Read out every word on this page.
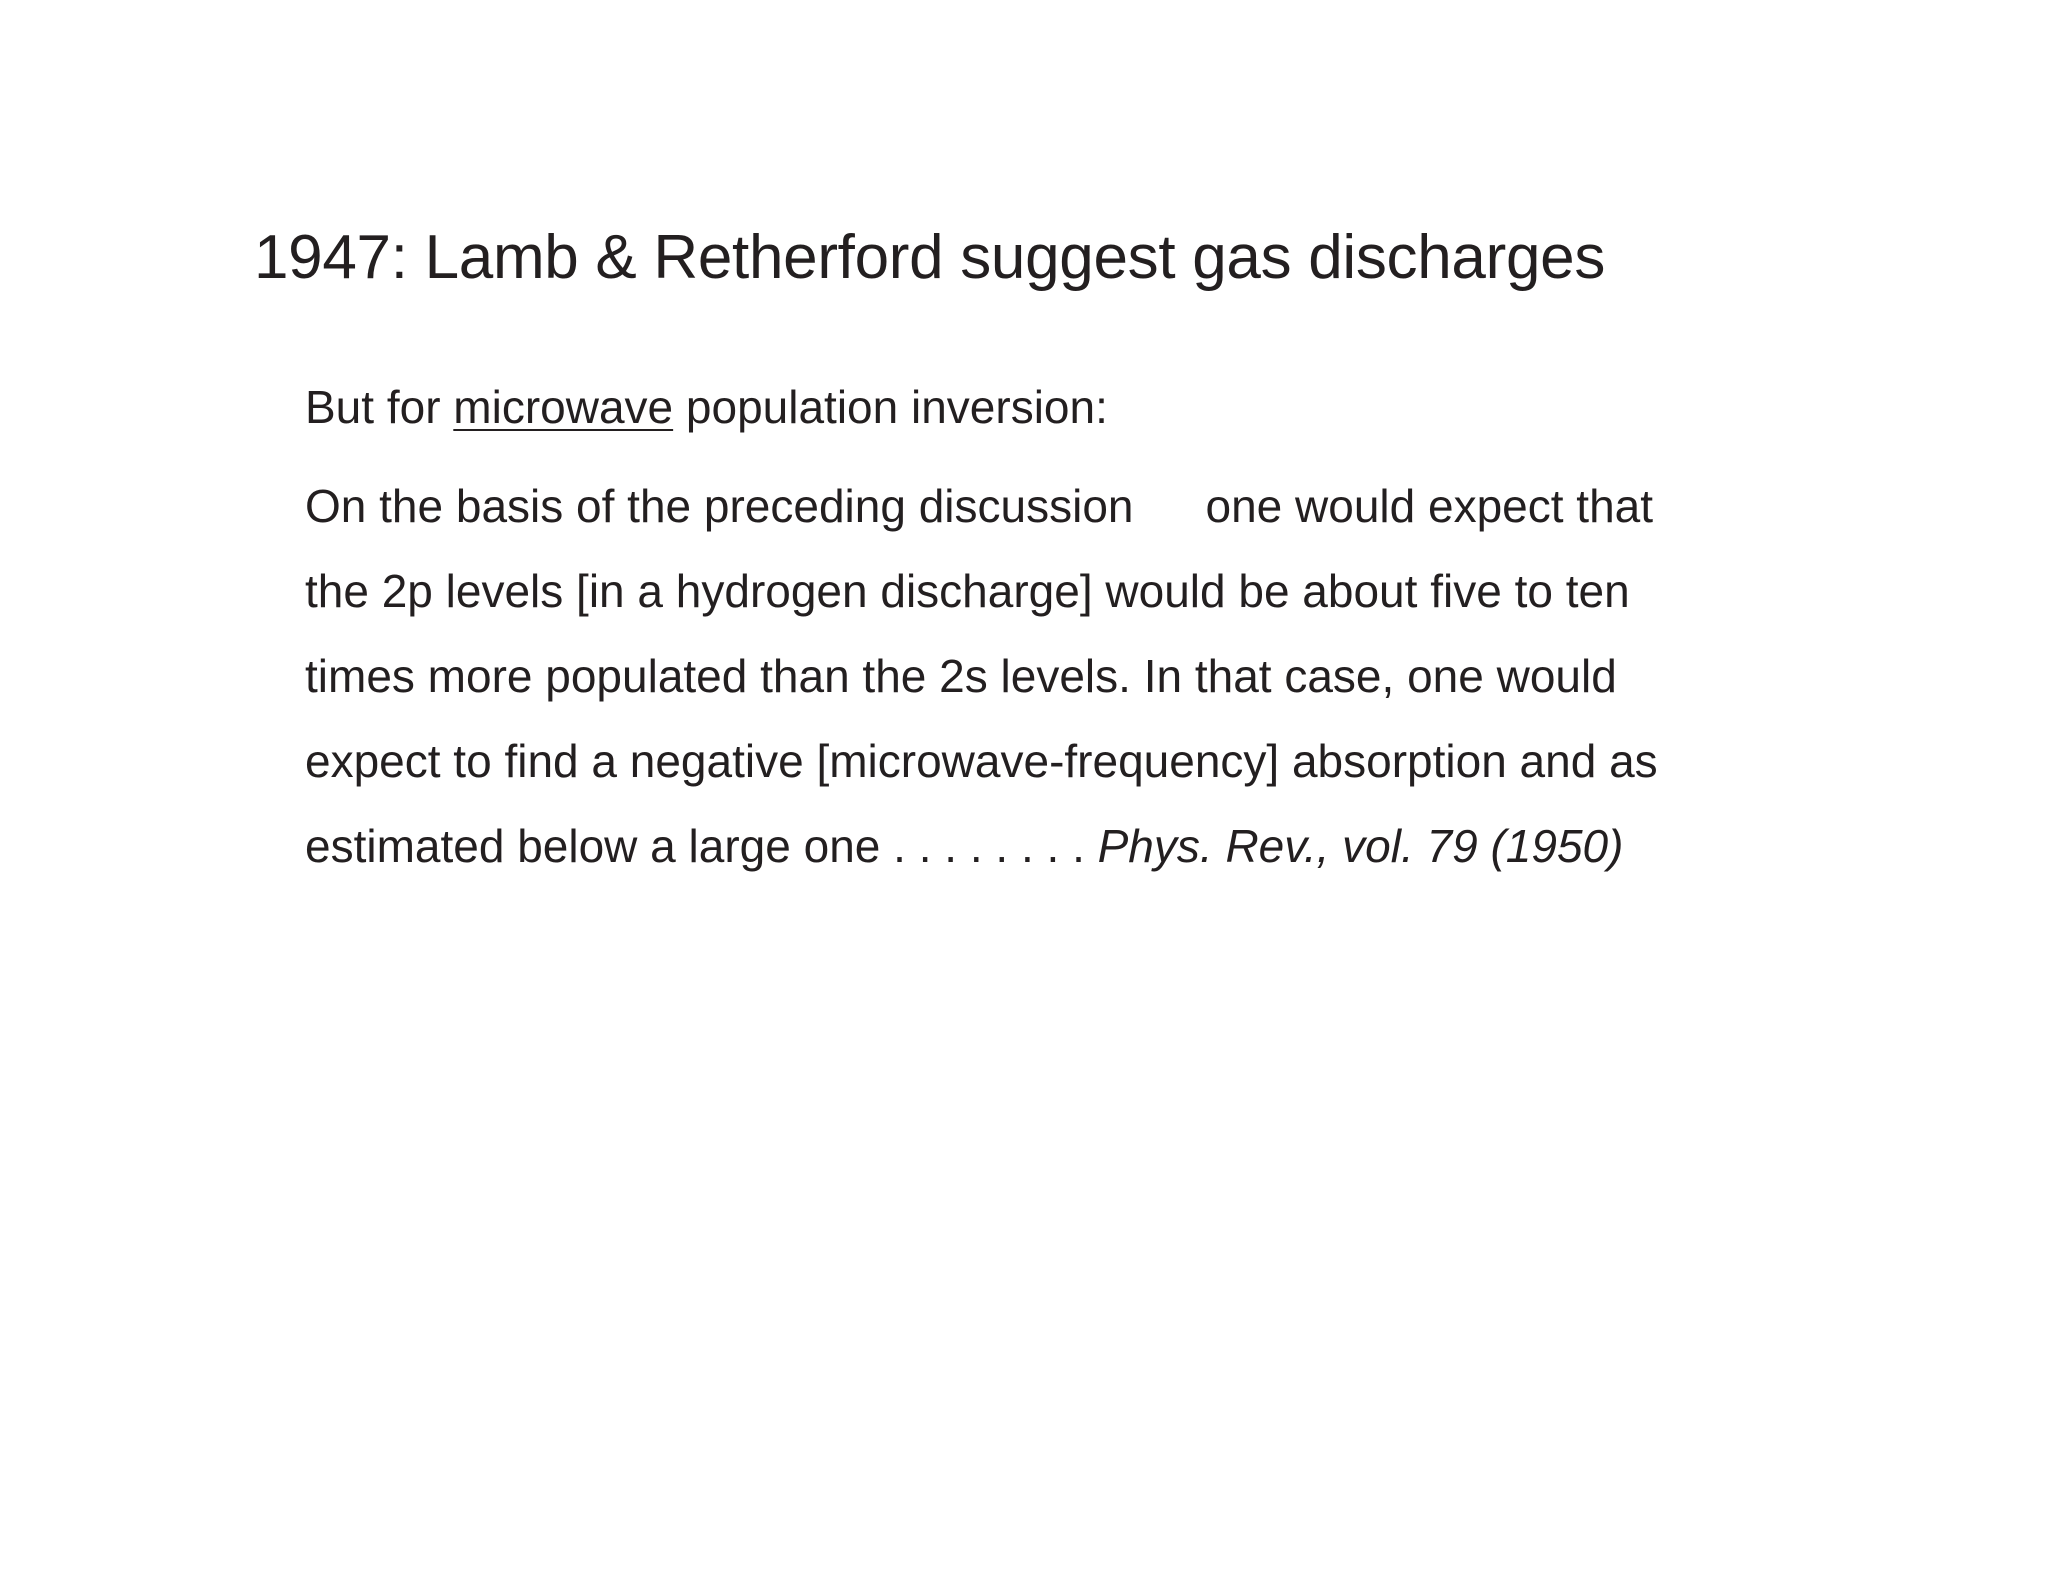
1947: Lamb & Retherford suggest gas discharges
But for microwave population inversion:
On the basis of the preceding discussion one would expect that
the 2p levels [in a hydrogen discharge] would be about five to ten
times more populated than the 2s levels. In that case, one would
expect to find a negative [microwave-frequency] absorption and as
estimated below a large one . . . . . . . . Phys. Rev., vol. 79 (1950)
